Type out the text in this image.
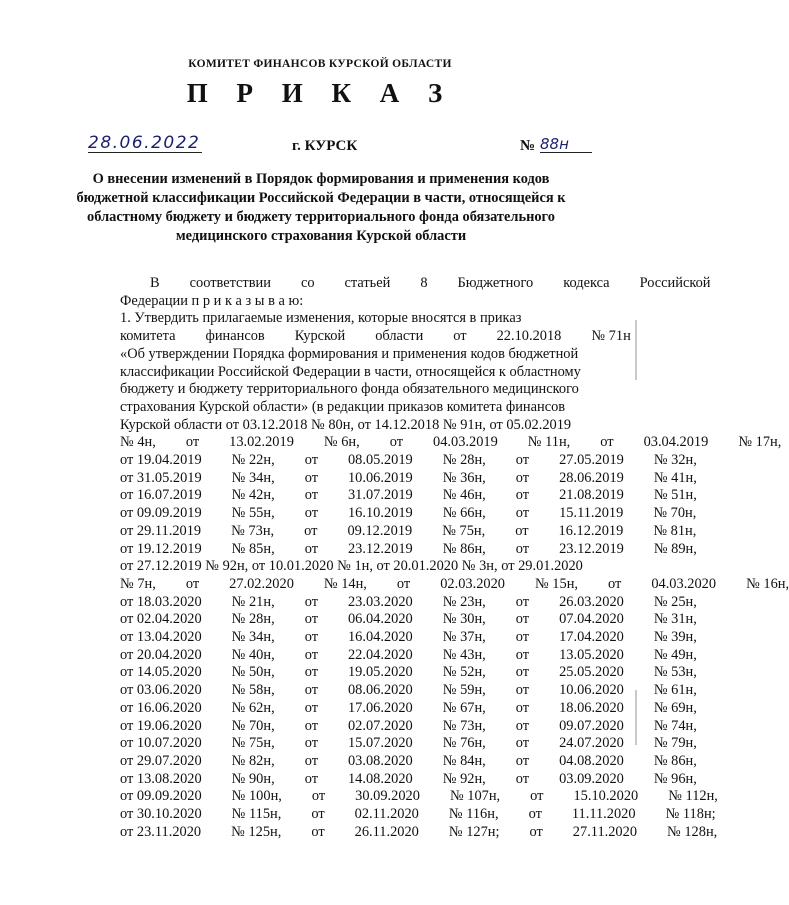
КОМИТЕТ ФИНАНСОВ КУРСКОЙ ОБЛАСТИ
П Р И К А З
28.06.2022	г. КУРСК	№ 88н
О внесении изменений в Порядок формирования и применения кодов бюджетной классификации Российской Федерации в части, относящейся к областному бюджету и бюджету территориального фонда обязательного медицинского страхования Курской области
В	соответствии	со	статьей	8	Бюджетного	кодекса	Российской
Федерации п р и к а з ы в а ю:
1. Утвердить прилагаемые изменения, которые вносятся в приказ
комитета	финансов	Курской	области	от	22.10.2018	№ 71н
«Об утверждении Порядка формирования и применения кодов бюджетной
классификации Российской Федерации в части, относящейся к областному
бюджету и бюджету территориального фонда обязательного медицинского
страхования Курской области» (в редакции приказов комитета финансов
Курской области от 03.12.2018 № 80н, от 14.12.2018 № 91н, от 05.02.2019
№ 4н,	от	13.02.2019	№ 6н,	от	04.03.2019	№ 11н,	от	03.04.2019	№ 17н,
от 19.04.2019	№ 22н,	от	08.05.2019	№ 28н,	от	27.05.2019	№ 32н,
от 31.05.2019	№ 34н,	от	10.06.2019	№ 36н,	от	28.06.2019	№ 41н,
от 16.07.2019	№ 42н,	от	31.07.2019	№ 46н,	от	21.08.2019	№ 51н,
от 09.09.2019	№ 55н,	от	16.10.2019	№ 66н,	от	15.11.2019	№ 70н,
от 29.11.2019	№ 73н,	от	09.12.2019	№ 75н,	от	16.12.2019	№ 81н,
от 19.12.2019	№ 85н,	от	23.12.2019	№ 86н,	от	23.12.2019	№ 89н,
от 27.12.2019 № 92н, от 10.01.2020 № 1н, от 20.01.2020 № 3н, от 29.01.2020
№ 7н,	от	27.02.2020	№ 14н,	от	02.03.2020	№ 15н,	от	04.03.2020	№ 16н,
от 18.03.2020	№ 21н,	от	23.03.2020	№ 23н,	от	26.03.2020	№ 25н,
от 02.04.2020	№ 28н,	от	06.04.2020	№ 30н,	от	07.04.2020	№ 31н,
от 13.04.2020	№ 34н,	от	16.04.2020	№ 37н,	от	17.04.2020	№ 39н,
от 20.04.2020	№ 40н,	от	22.04.2020	№ 43н,	от	13.05.2020	№ 49н,
от 14.05.2020	№ 50н,	от	19.05.2020	№ 52н,	от	25.05.2020	№ 53н,
от 03.06.2020	№ 58н,	от	08.06.2020	№ 59н,	от	10.06.2020	№ 61н,
от 16.06.2020	№ 62н,	от	17.06.2020	№ 67н,	от	18.06.2020	№ 69н,
от 19.06.2020	№ 70н,	от	02.07.2020	№ 73н,	от	09.07.2020	№ 74н,
от 10.07.2020	№ 75н,	от	15.07.2020	№ 76н,	от	24.07.2020	№ 79н,
от 29.07.2020	№ 82н,	от	03.08.2020	№ 84н,	от	04.08.2020	№ 86н,
от 13.08.2020	№ 90н,	от	14.08.2020	№ 92н,	от	03.09.2020	№ 96н,
от 09.09.2020	№ 100н,	от	30.09.2020	№ 107н,	от	15.10.2020	№ 112н,
от 30.10.2020	№ 115н,	от	02.11.2020	№ 116н,	от	11.11.2020	№ 118н;
от 23.11.2020	№ 125н,	от	26.11.2020	№ 127н;	от	27.11.2020	№ 128н,
